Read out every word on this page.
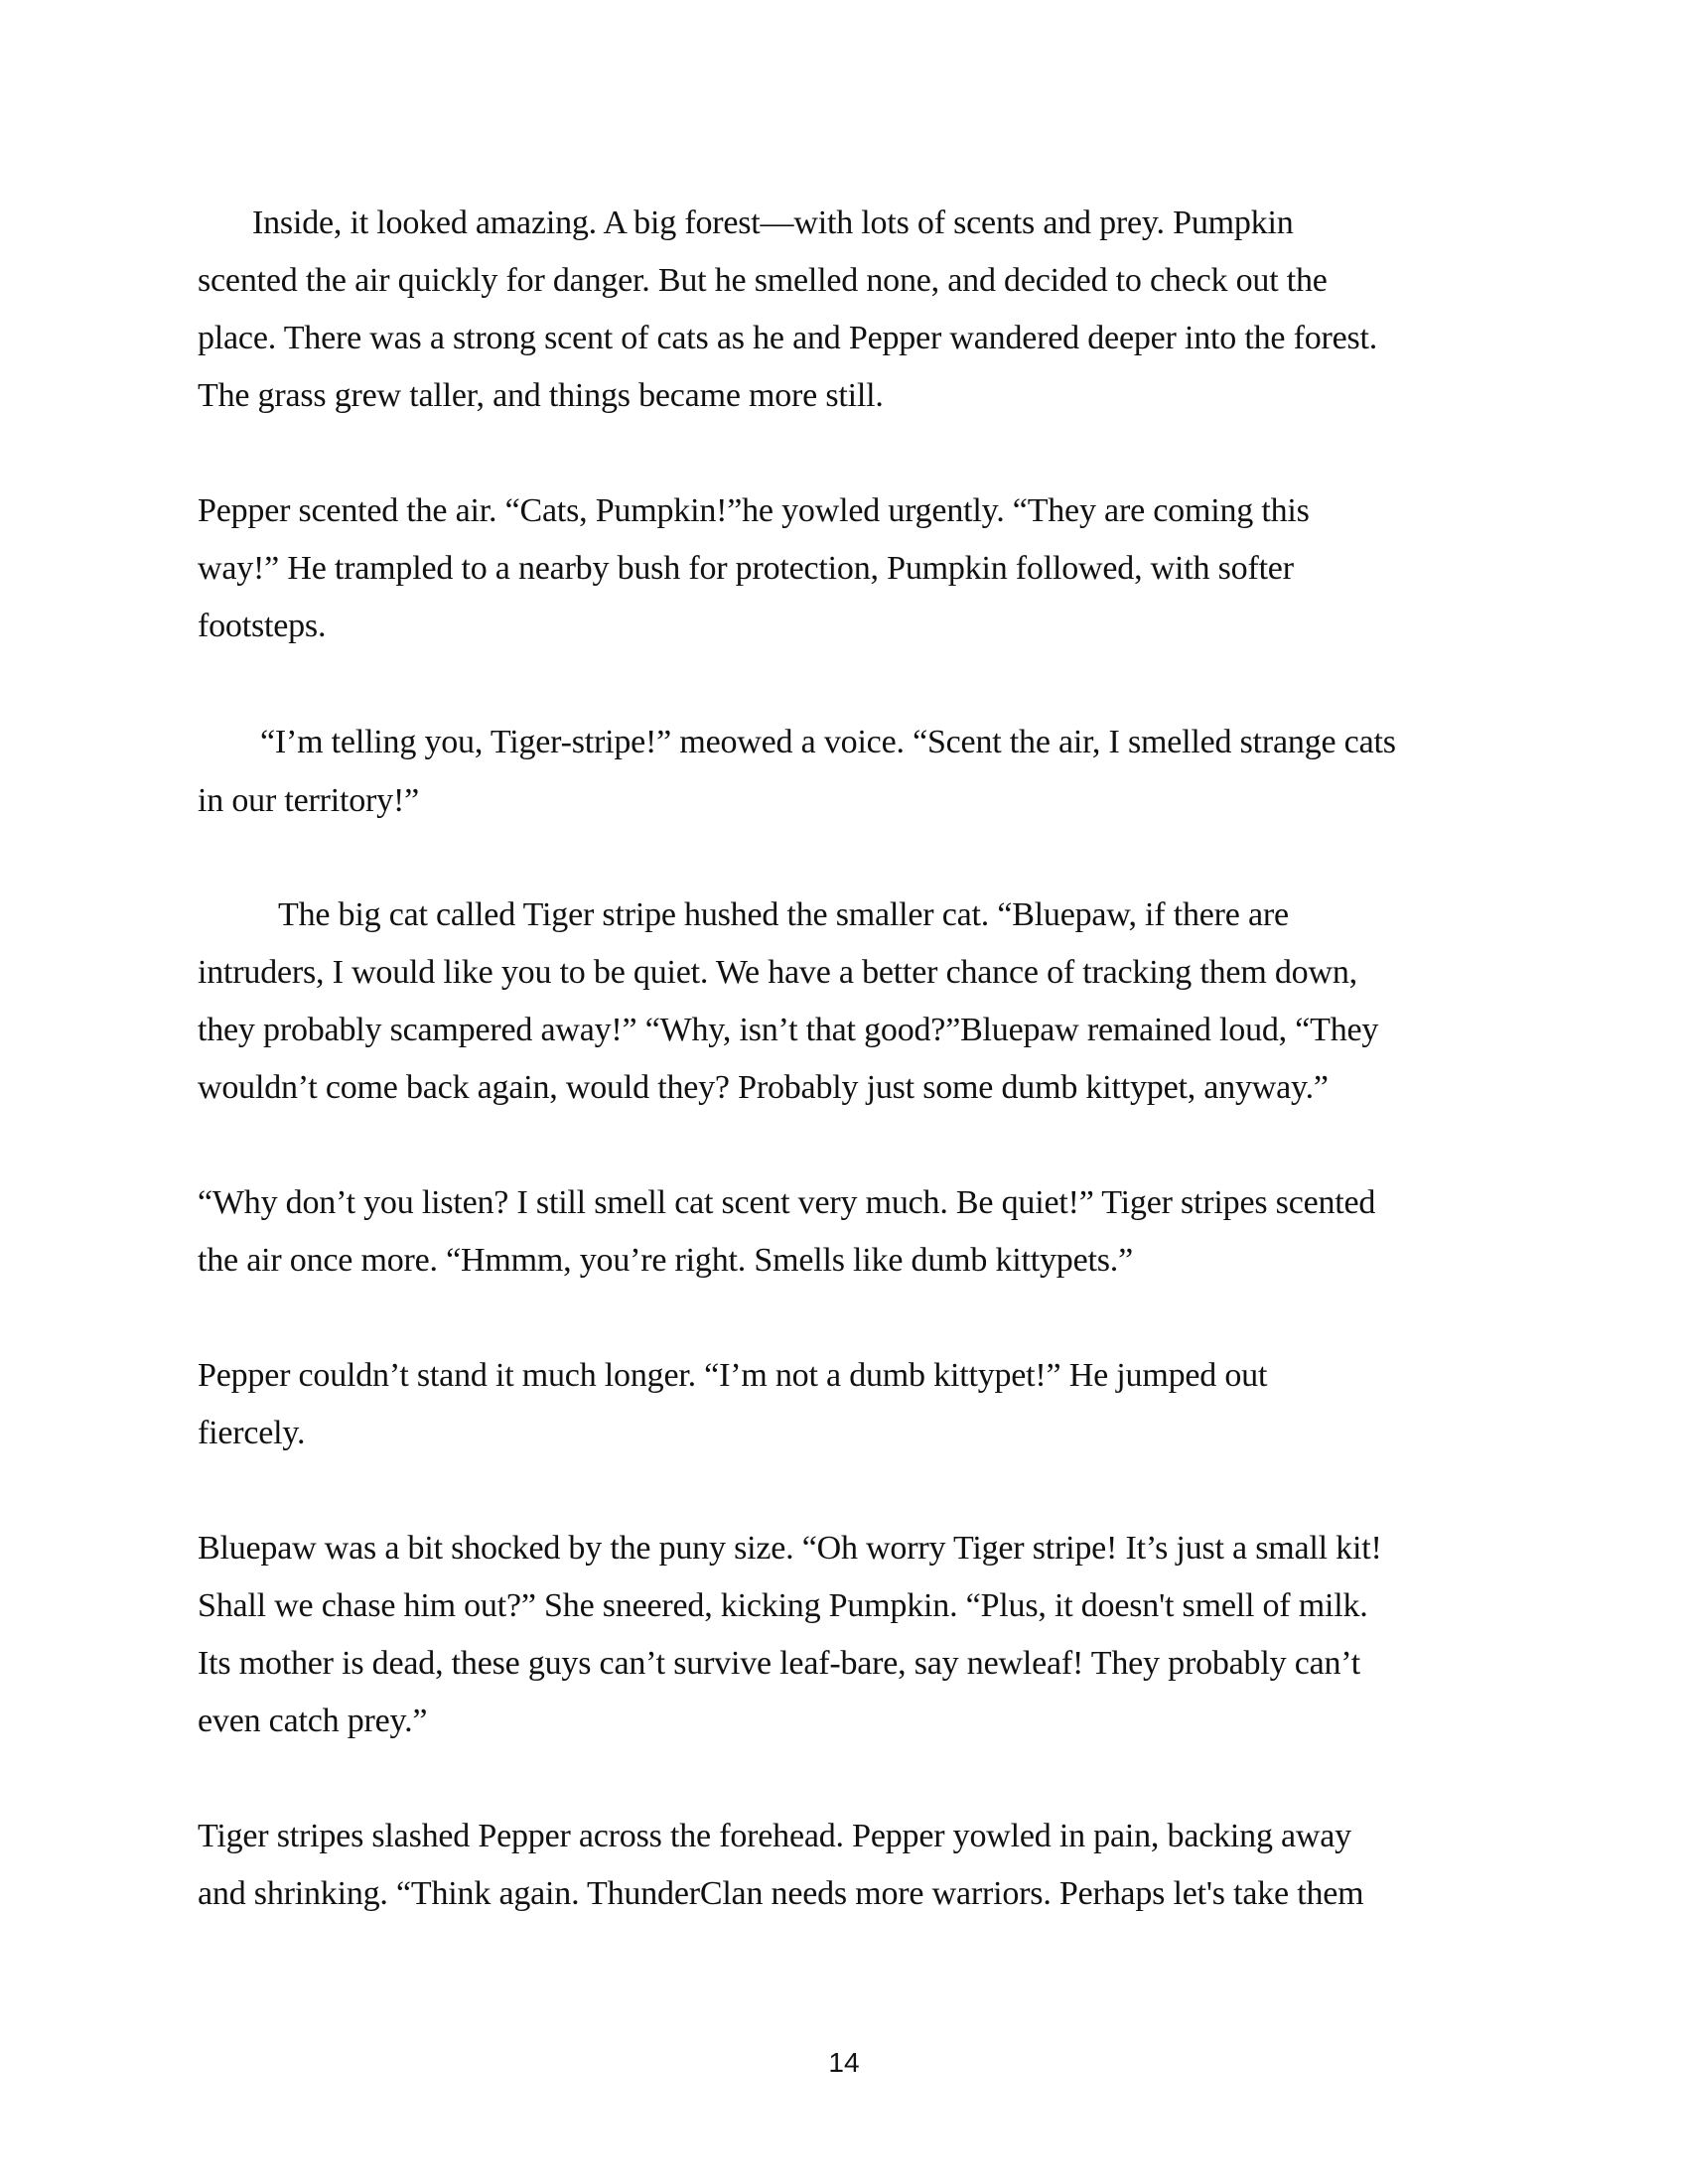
Inside, it looked amazing. A big forest—with lots of scents and prey. Pumpkin
scented the air quickly for danger. But he smelled none, and decided to check out the
place. There was a strong scent of cats as he and Pepper wandered deeper into the forest.
The grass grew taller, and things became more still.
Pepper scented the air. “Cats, Pumpkin!”he yowled urgently. “They are coming this
way!” He trampled to a nearby bush for protection, Pumpkin followed, with softer
footsteps.
“I’m telling you, Tiger-stripe!” meowed a voice. “Scent the air, I smelled strange cats
in our territory!”
The big cat called Tiger stripe hushed the smaller cat. “Bluepaw, if there are
intruders, I would like you to be quiet. We have a better chance of tracking them down,
they probably scampered away!” “Why, isn’t that good?”Bluepaw remained loud, “They
wouldn’t come back again, would they? Probably just some dumb kittypet, anyway.”
“Why don’t you listen? I still smell cat scent very much. Be quiet!” Tiger stripes scented
the air once more. “Hmmm, you’re right. Smells like dumb kittypets.”
Pepper couldn’t stand it much longer. “I’m not a dumb kittypet!” He jumped out
fiercely.
Bluepaw was a bit shocked by the puny size. “Oh worry Tiger stripe! It’s just a small kit!
Shall we chase him out?” She sneered, kicking Pumpkin. “Plus, it doesn't smell of milk.
Its mother is dead, these guys can’t survive leaf-bare, say newleaf! They probably can’t
even catch prey.”
Tiger stripes slashed Pepper across the forehead. Pepper yowled in pain, backing away
and shrinking. “Think again. ThunderClan needs more warriors. Perhaps let's take them
14
